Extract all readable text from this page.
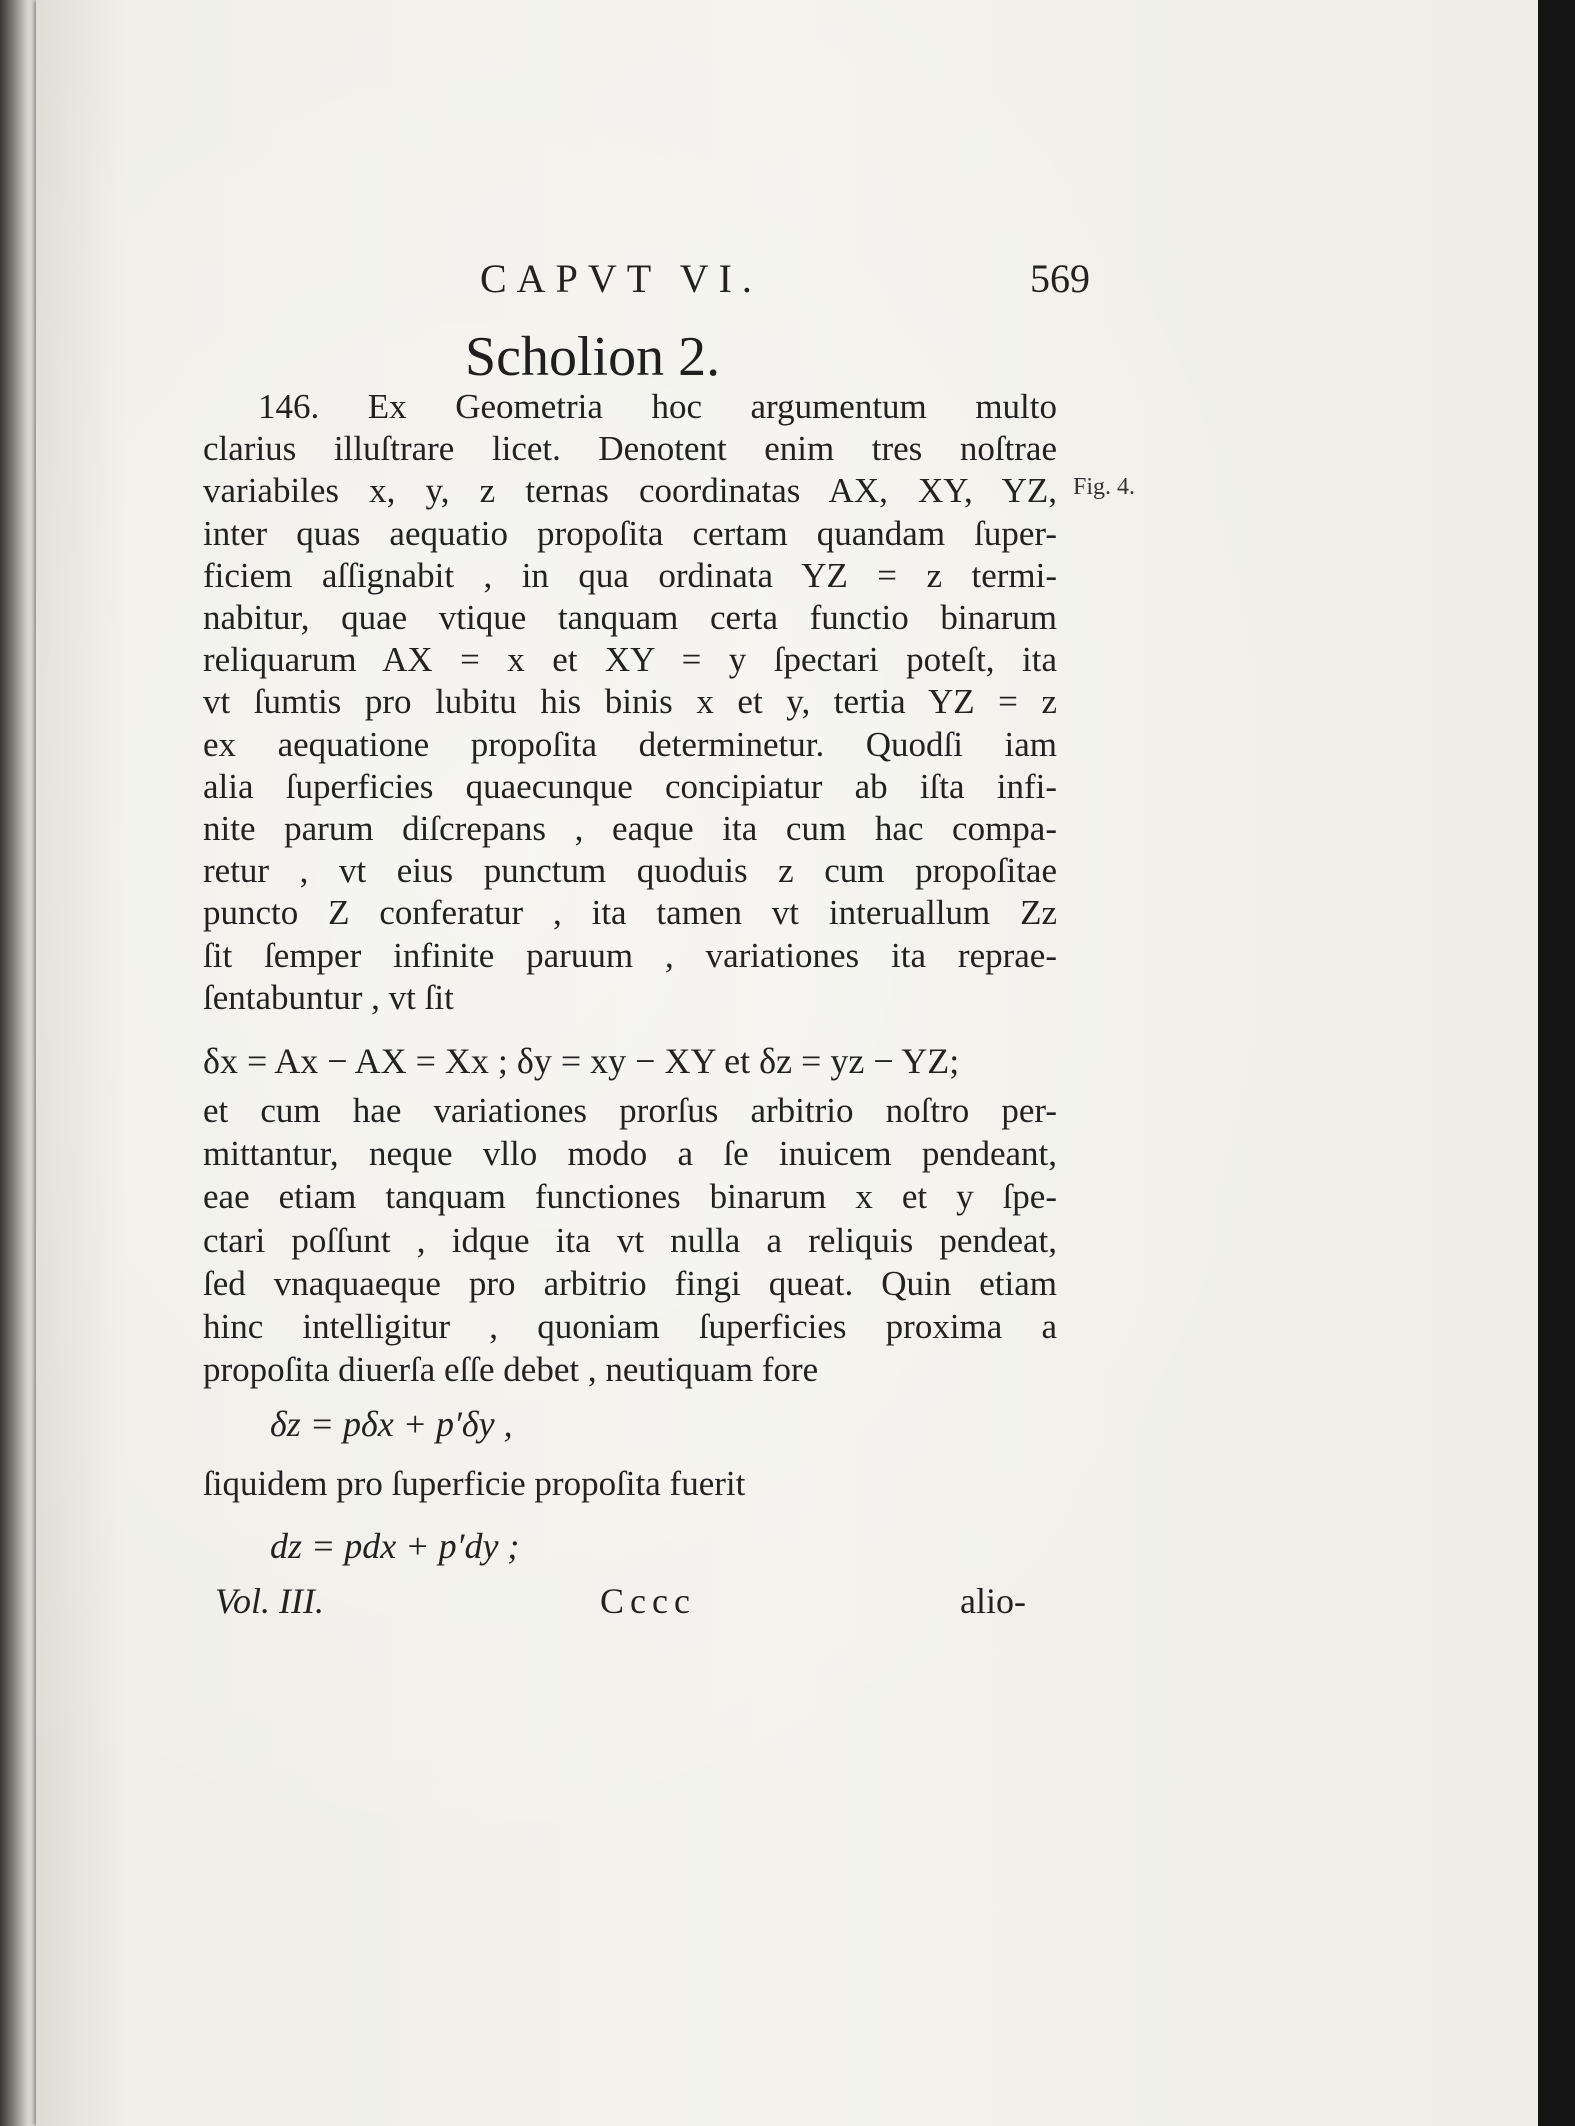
CAPVT VI.	569
Scholion 2.
Fig. 4.
146. Ex Geometria hoc argumentum multo
clarius illuſtrare licet. Denotent enim tres noſtrae
variabiles x, y, z ternas coordinatas AX, XY, YZ,
inter quas aequatio propoſita certam quandam ſuper-
ficiem aſſignabit , in qua ordinata YZ = z termi-
nabitur, quae vtique tanquam certa functio binarum
reliquarum AX = x et XY = y ſpectari poteſt, ita
vt ſumtis pro lubitu his binis x et y, tertia YZ = z
ex aequatione propoſita determinetur. Quodſi iam
alia ſuperficies quaecunque concipiatur ab iſta infi-
nite parum diſcrepans , eaque ita cum hac compa-
retur , vt eius punctum quoduis z cum propoſitae
puncto Z conferatur , ita tamen vt interuallum Zz
ſit ſemper infinite paruum , variationes ita reprae-
ſentabuntur , vt ſit
δx = Ax − AX = Xx ; δy = xy − XY et δz = yz − YZ;
et cum hae variationes prorſus arbitrio noſtro per-
mittantur, neque vllo modo a ſe inuicem pendeant,
eae etiam tanquam functiones binarum x et y ſpe-
ctari poſſunt , idque ita vt nulla a reliquis pendeat,
ſed vnaquaeque pro arbitrio fingi queat. Quin etiam
hinc intelligitur , quoniam ſuperficies proxima a
propoſita diuerſa eſſe debet , neutiquam fore
δz = pδx + p′δy ,
ſiquidem pro ſuperficie propoſita fuerit
dz = pdx + p′dy ;
Vol. III.	Cccc	alio-
